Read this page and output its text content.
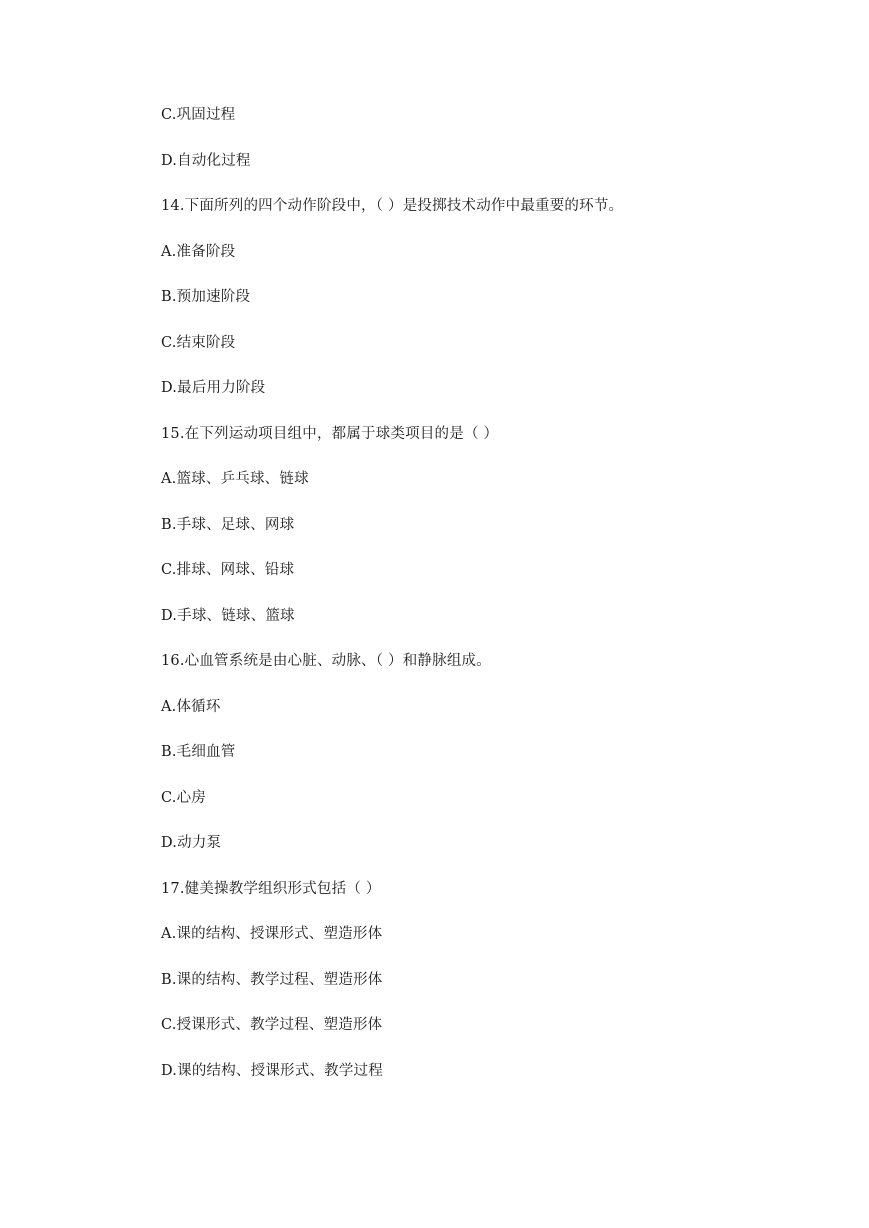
C.巩固过程
D.自动化过程
14.下面所列的四个动作阶段中，（ ）是投掷技术动作中最重要的环节。
A.准备阶段
B.预加速阶段
C.结束阶段
D.最后用力阶段
15.在下列运动项目组中，都属于球类项目的是（ ）
A.篮球、乒乓球、链球
B.手球、足球、网球
C.排球、网球、铅球
D.手球、链球、篮球
16.心血管系统是由心脏、动脉、（ ）和静脉组成。
A.体循环
B.毛细血管
C.心房
D.动力泵
17.健美操教学组织形式包括（ ）
A.课的结构、授课形式、塑造形体
B.课的结构、教学过程、塑造形体
C.授课形式、教学过程、塑造形体
D.课的结构、授课形式、教学过程
